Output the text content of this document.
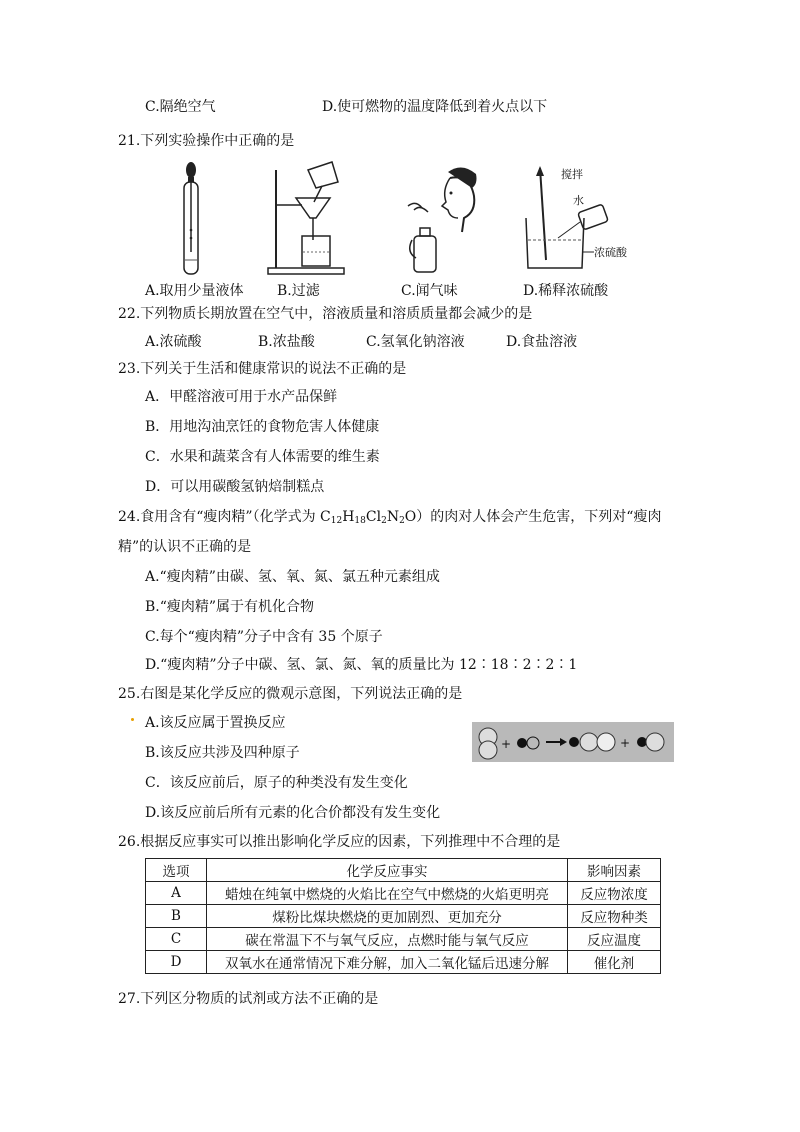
C.隔绝空气	D.使可燃物的温度降低到着火点以下
21.下列实验操作中正确的是
搅拌
水
浓硫酸
A.取用少量液体 B.过滤	C.闻气味	D.稀释浓硫酸
22.下列物质长期放置在空气中，溶液质量和溶质质量都会减少的是
A.浓硫酸	B.浓盐酸	C.氢氧化钠溶液	D.食盐溶液
23.下列关于生活和健康常识的说法不正确的是
A．甲醛溶液可用于水产品保鲜
B．用地沟油烹饪的食物危害人体健康
C．水果和蔬菜含有人体需要的维生素
D．可以用碳酸氢钠焙制糕点
24.食用含有“瘦肉精”（化学式为 $C_{12}H_{18}Cl_2N_2O$）的肉对人体会产生危害，下列对“瘦肉
精”的认识不正确的是
A.“瘦肉精”由碳、氢、氧、氮、氯五种元素组成
B.“瘦肉精”属于有机化合物
C.每个“瘦肉精”分子中含有 35 个原子
D.“瘦肉精”分子中碳、氢、氯、氮、氧的质量比为 12∶18∶2∶2∶1
25.右图是某化学反应的微观示意图，下列说法正确的是
A.该反应属于置换反应
B.该反应共涉及四种原子
C．该反应前后，原子的种类没有发生变化
D.该反应前后所有元素的化合价都没有发生变化
+	+
26.根据反应事实可以推出影响化学反应的因素，下列推理中不合理的是
选项	化学反应事实	影响因素
A	蜡烛在纯氧中燃烧的火焰比在空气中燃烧的火焰更明亮	反应物浓度
B	煤粉比煤块燃烧的更加剧烈、更加充分	反应物种类
C	碳在常温下不与氧气反应，点燃时能与氧气反应	反应温度
D	双氧水在通常情况下难分解，加入二氧化锰后迅速分解	催化剂
27.下列区分物质的试剂或方法不正确的是
